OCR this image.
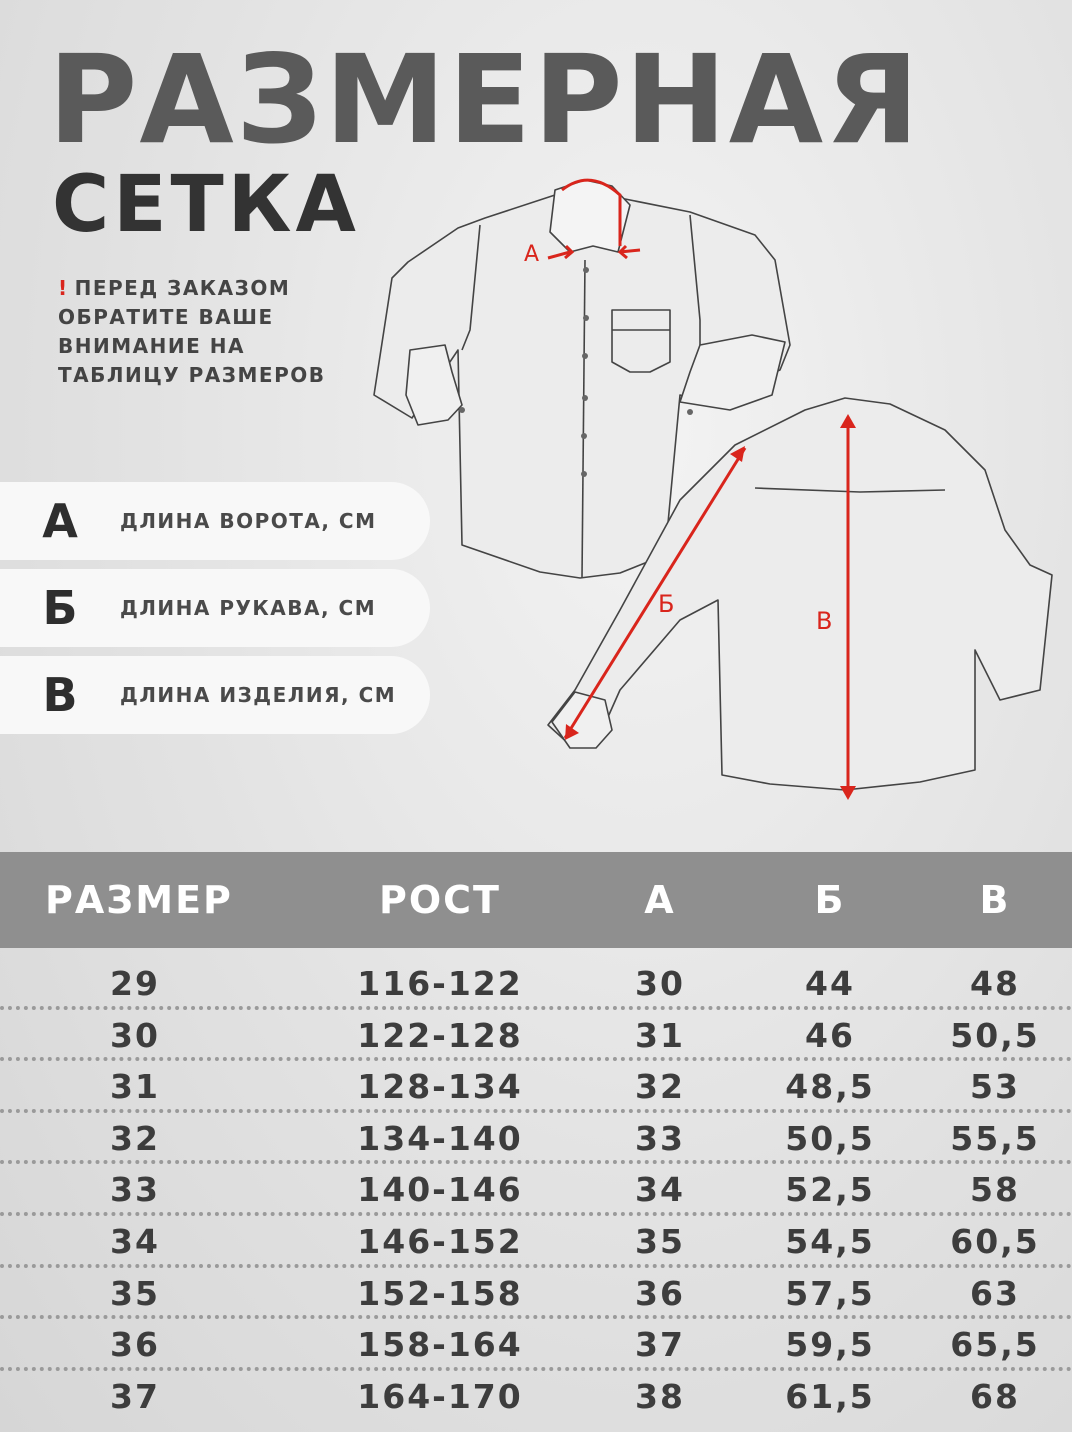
РАЗМЕРНАЯ
СЕТКА
! ПЕРЕД ЗАКАЗОМ ОБРАТИТЕ ВАШЕ ВНИМАНИЕ НА ТАБЛИЦУ РАЗМЕРОВ
А	ДЛИНА ВОРОТА, СМ
Б	ДЛИНА РУКАВА, СМ
В	ДЛИНА ИЗДЕЛИЯ, СМ
А
Б
В
РАЗМЕР	РОСТ	А	Б	В
29	116-122	30	44	48
30	122-128	31	46	50,5
31	128-134	32	48,5	53
32	134-140	33	50,5	55,5
33	140-146	34	52,5	58
34	146-152	35	54,5	60,5
35	152-158	36	57,5	63
36	158-164	37	59,5	65,5
37	164-170	38	61,5	68
